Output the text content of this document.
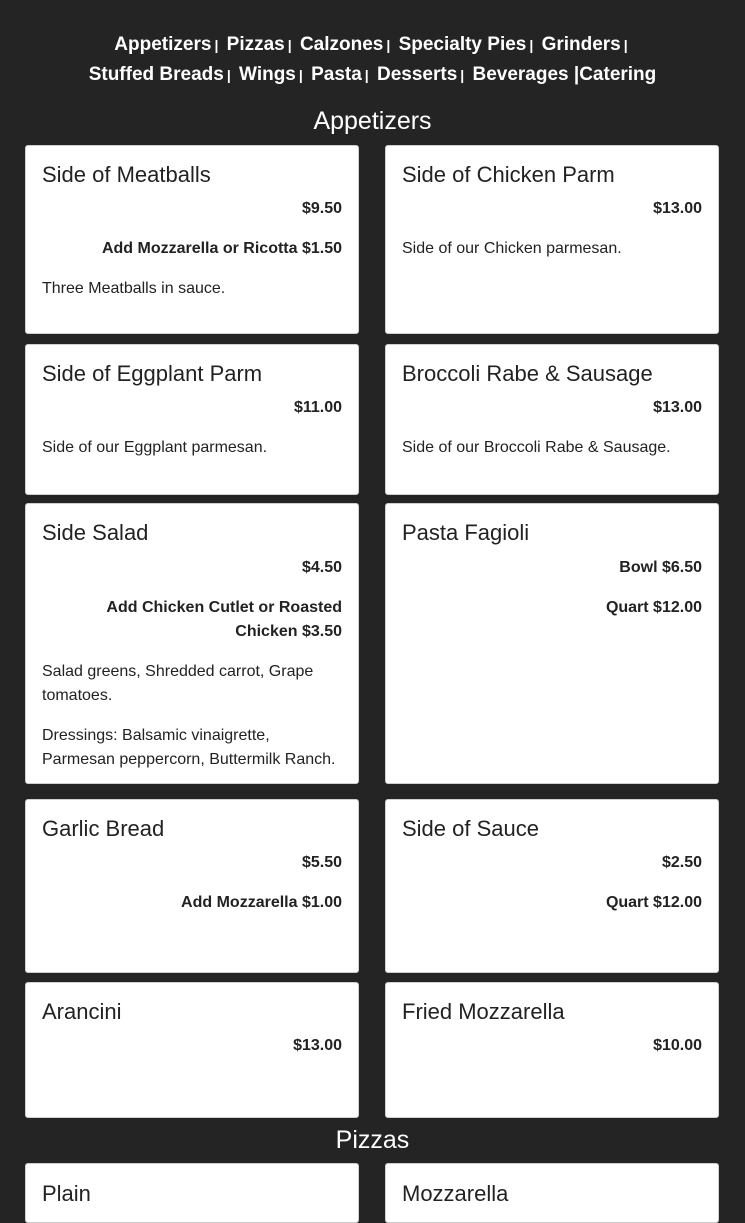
Appetizers | Pizzas | Calzones | Specialty Pies | Grinders |
Stuffed Breads | Wings | Pasta | Desserts | Beverages |Catering
Appetizers
Side of Meatballs
$9.50
Add Mozzarella or Ricotta $1.50
Three Meatballs in sauce.
Side of Chicken Parm
$13.00
Side of our Chicken parmesan.
Side of Eggplant Parm
$11.00
Side of our Eggplant parmesan.
Broccoli Rabe & Sausage
$13.00
Side of our Broccoli Rabe & Sausage.
Side Salad
$4.50
Add Chicken Cutlet or Roasted Chicken $3.50
Salad greens, Shredded carrot, Grape tomatoes.
Dressings: Balsamic vinaigrette, Parmesan peppercorn, Buttermilk Ranch.
Pasta Fagioli
Bowl $6.50
Quart $12.00
Garlic Bread
$5.50
Add Mozzarella $1.00
Side of Sauce
$2.50
Quart $12.00
Arancini
$13.00
Fried Mozzarella
$10.00
Pizzas
Plain	Mozzarella
